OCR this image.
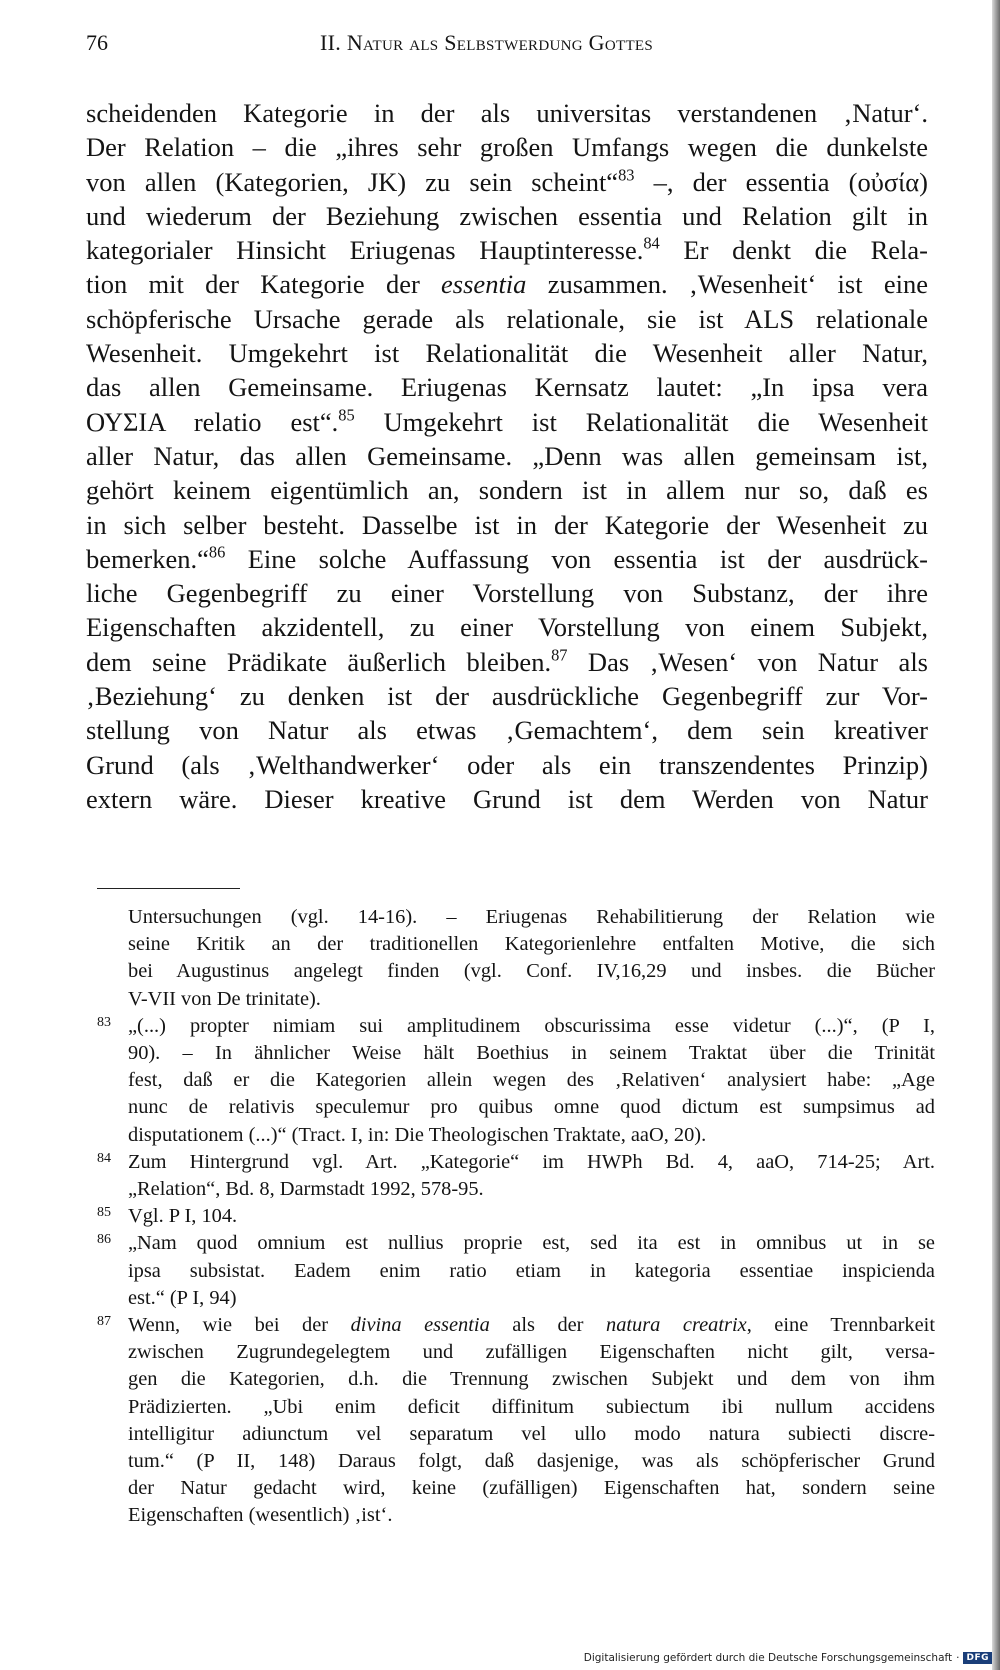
76	II. Natur als Selbstwerdung Gottes
scheidenden Kategorie in der als universitas verstandenen ‚Natur‘.
Der Relation – die „ihres sehr großen Umfangs wegen die dunkelste
von allen (Kategorien, JK) zu sein scheint“$^{83}$ –, der essentia (οὐσία)
und wiederum der Beziehung zwischen essentia und Relation gilt in
kategorialer Hinsicht Eriugenas Hauptinteresse.$^{84}$ Er denkt die Rela-
tion mit der Kategorie der essentia zusammen. ‚Wesenheit‘ ist eine
schöpferische Ursache gerade als relationale, sie ist ALS relationale
Wesenheit. Umgekehrt ist Relationalität die Wesenheit aller Natur,
das allen Gemeinsame. Eriugenas Kernsatz lautet: „In ipsa vera
ΟΥΣΙΑ relatio est“.$^{85}$ Umgekehrt ist Relationalität die Wesenheit
aller Natur, das allen Gemeinsame. „Denn was allen gemeinsam ist,
gehört keinem eigentümlich an, sondern ist in allem nur so, daß es
in sich selber besteht. Dasselbe ist in der Kategorie der Wesenheit zu
bemerken.“$^{86}$ Eine solche Auffassung von essentia ist der ausdrück-
liche Gegenbegriff zu einer Vorstellung von Substanz, der ihre
Eigenschaften akzidentell, zu einer Vorstellung von einem Subjekt,
dem seine Prädikate äußerlich bleiben.$^{87}$ Das ‚Wesen‘ von Natur als
‚Beziehung‘ zu denken ist der ausdrückliche Gegenbegriff zur Vor-
stellung von Natur als etwas ‚Gemachtem‘, dem sein kreativer
Grund (als ‚Welthandwerker‘ oder als ein transzendentes Prinzip)
extern wäre. Dieser kreative Grund ist dem Werden von Natur
Untersuchungen (vgl. 14-16). – Eriugenas Rehabilitierung der Relation wie
seine Kritik an der traditionellen Kategorienlehre entfalten Motive, die sich
bei Augustinus angelegt finden (vgl. Conf. IV,16,29 und insbes. die Bücher
V-VII von De trinitate).
83 „(...) propter nimiam sui amplitudinem obscurissima esse videtur (...)“, (P I,
90). – In ähnlicher Weise hält Boethius in seinem Traktat über die Trinität
fest, daß er die Kategorien allein wegen des ‚Relativen‘ analysiert habe: „Age
nunc de relativis speculemur pro quibus omne quod dictum est sumpsimus ad
disputationem (...)“ (Tract. I, in: Die Theologischen Traktate, aaO, 20).
84 Zum Hintergrund vgl. Art. „Kategorie“ im HWPh Bd. 4, aaO, 714-25; Art.
„Relation“, Bd. 8, Darmstadt 1992, 578-95.
85 Vgl. P I, 104.
86 „Nam quod omnium est nullius proprie est, sed ita est in omnibus ut in se
ipsa subsistat. Eadem enim ratio etiam in kategoria essentiae inspicienda
est.“ (P I, 94)
87 Wenn, wie bei der divina essentia als der natura creatrix, eine Trennbarkeit
zwischen Zugrundegelegtem und zufälligen Eigenschaften nicht gilt, versa-
gen die Kategorien, d.h. die Trennung zwischen Subjekt und dem von ihm
Prädizierten. „Ubi enim deficit diffinitum subiectum ibi nullum accidens
intelligitur adiunctum vel separatum vel ullo modo natura subiecti discre-
tum.“ (P II, 148) Daraus folgt, daß dasjenige, was als schöpferischer Grund
der Natur gedacht wird, keine (zufälligen) Eigenschaften hat, sondern seine
Eigenschaften (wesentlich) ‚ist‘.
Digitalisierung gefördert durch die Deutsche Forschungsgemeinschaft · DFG
